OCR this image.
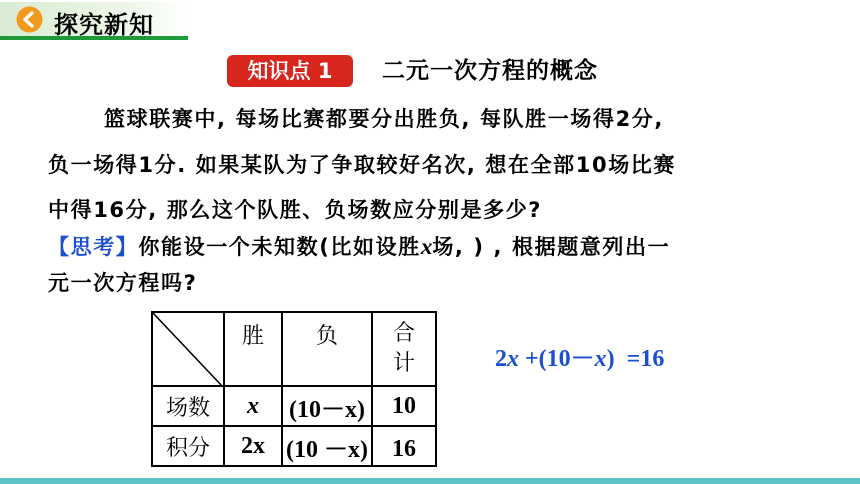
探究新知
知识点 1	二元一次方程的概念
篮球联赛中, 每场比赛都要分出胜负, 每队胜一场得2分,
负一场得1分. 如果某队为了争取较好名次, 想在全部10场比赛
中得16分, 那么这个队胜、负场数应分别是多少?
【思考】你能设一个未知数(比如设胜x场, ) , 根据题意列出一
元一次方程吗?
	胜	负	合
计
场数	x	(10－x)	10
积分	2x	(10 －x)	16
2x +(10－x)  =16
